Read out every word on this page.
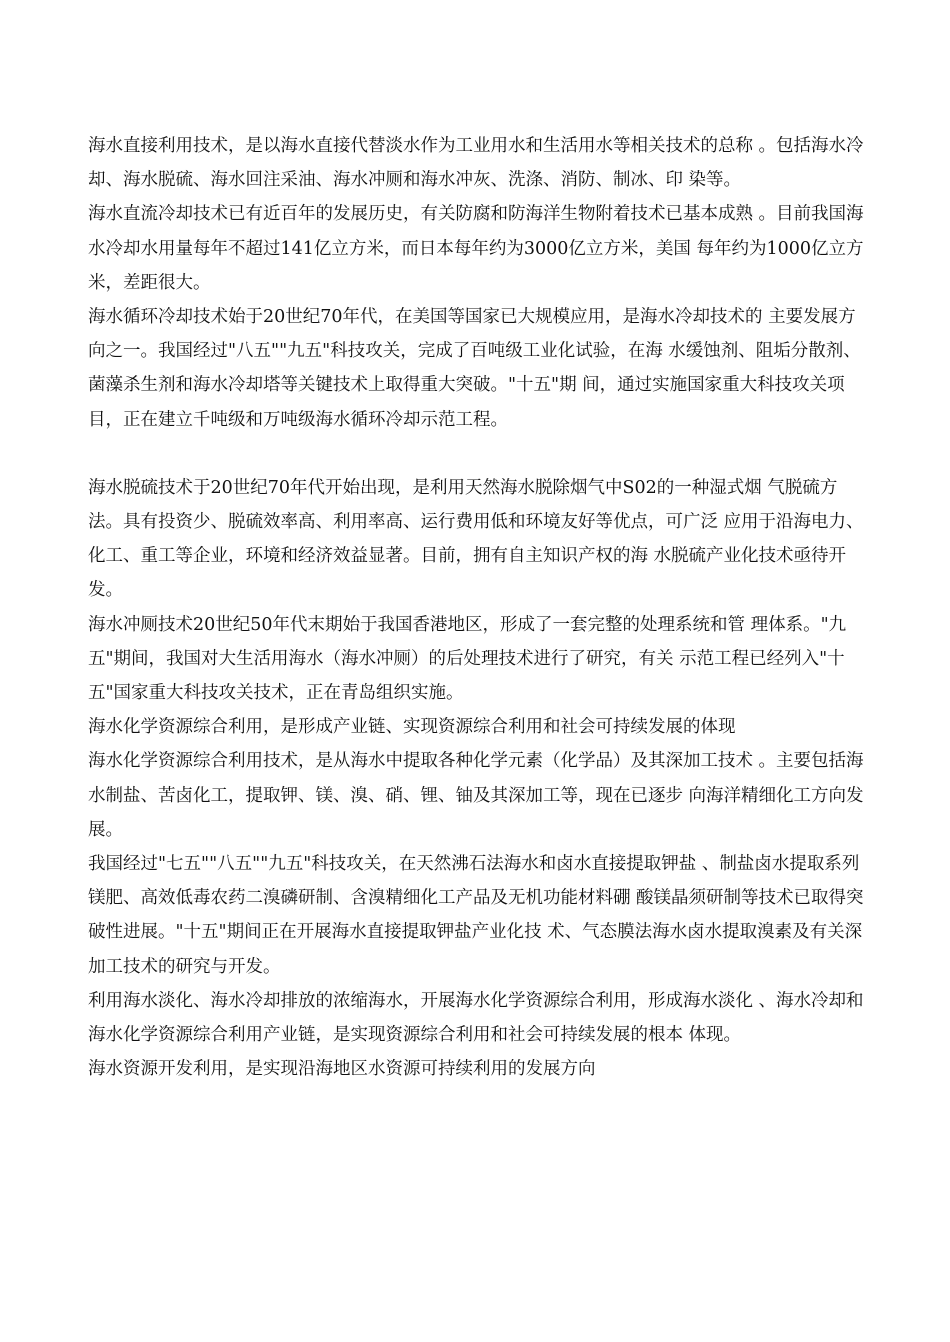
海水直接利用技术，是以海水直接代替淡水作为工业用水和生活用水等相关技术的总称 。包括海水冷却、海水脱硫、海水回注采油、海水冲厕和海水冲灰、洗涤、消防、制冰、印 染等。

海水直流冷却技术已有近百年的发展历史，有关防腐和防海洋生物附着技术已基本成熟 。目前我国海水冷却水用量每年不超过141亿立方米，而日本每年约为3000亿立方米，美国 每年约为1000亿立方米，差距很大。

海水循环冷却技术始于20世纪70年代，在美国等国家已大规模应用，是海水冷却技术的 主要发展方向之一。我国经过"八五""九五"科技攻关，完成了百吨级工业化试验，在海 水缓蚀剂、阻垢分散剂、菌藻杀生剂和海水冷却塔等关键技术上取得重大突破。"十五"期 间，通过实施国家重大科技攻关项目，正在建立千吨级和万吨级海水循环冷却示范工程。

海水脱硫技术于20世纪70年代开始出现，是利用天然海水脱除烟气中S02的一种湿式烟 气脱硫方法。具有投资少、脱硫效率高、利用率高、运行费用低和环境友好等优点，可广泛 应用于沿海电力、化工、重工等企业，环境和经济效益显著。目前，拥有自主知识产权的海 水脱硫产业化技术亟待开发。

海水冲厕技术20世纪50年代末期始于我国香港地区，形成了一套完整的处理系统和管 理体系。"九五"期间，我国对大生活用海水（海水冲厕）的后处理技术进行了研究，有关 示范工程已经列入"十五"国家重大科技攻关技术，正在青岛组织实施。

海水化学资源综合利用，是形成产业链、实现资源综合利用和社会可持续发展的体现

海水化学资源综合利用技术，是从海水中提取各种化学元素（化学品）及其深加工技术 。主要包括海水制盐、苦卤化工，提取钾、镁、溴、硝、锂、铀及其深加工等，现在已逐步 向海洋精细化工方向发展。

我国经过"七五""八五""九五"科技攻关，在天然沸石法海水和卤水直接提取钾盐 、制盐卤水提取系列镁肥、高效低毒农药二溴磷研制、含溴精细化工产品及无机功能材料硼 酸镁晶须研制等技术已取得突破性进展。"十五"期间正在开展海水直接提取钾盐产业化技 术、气态膜法海水卤水提取溴素及有关深加工技术的研究与开发。

利用海水淡化、海水冷却排放的浓缩海水，开展海水化学资源综合利用，形成海水淡化 、海水冷却和海水化学资源综合利用产业链，是实现资源综合利用和社会可持续发展的根本 体现。

海水资源开发利用，是实现沿海地区水资源可持续利用的发展方向
